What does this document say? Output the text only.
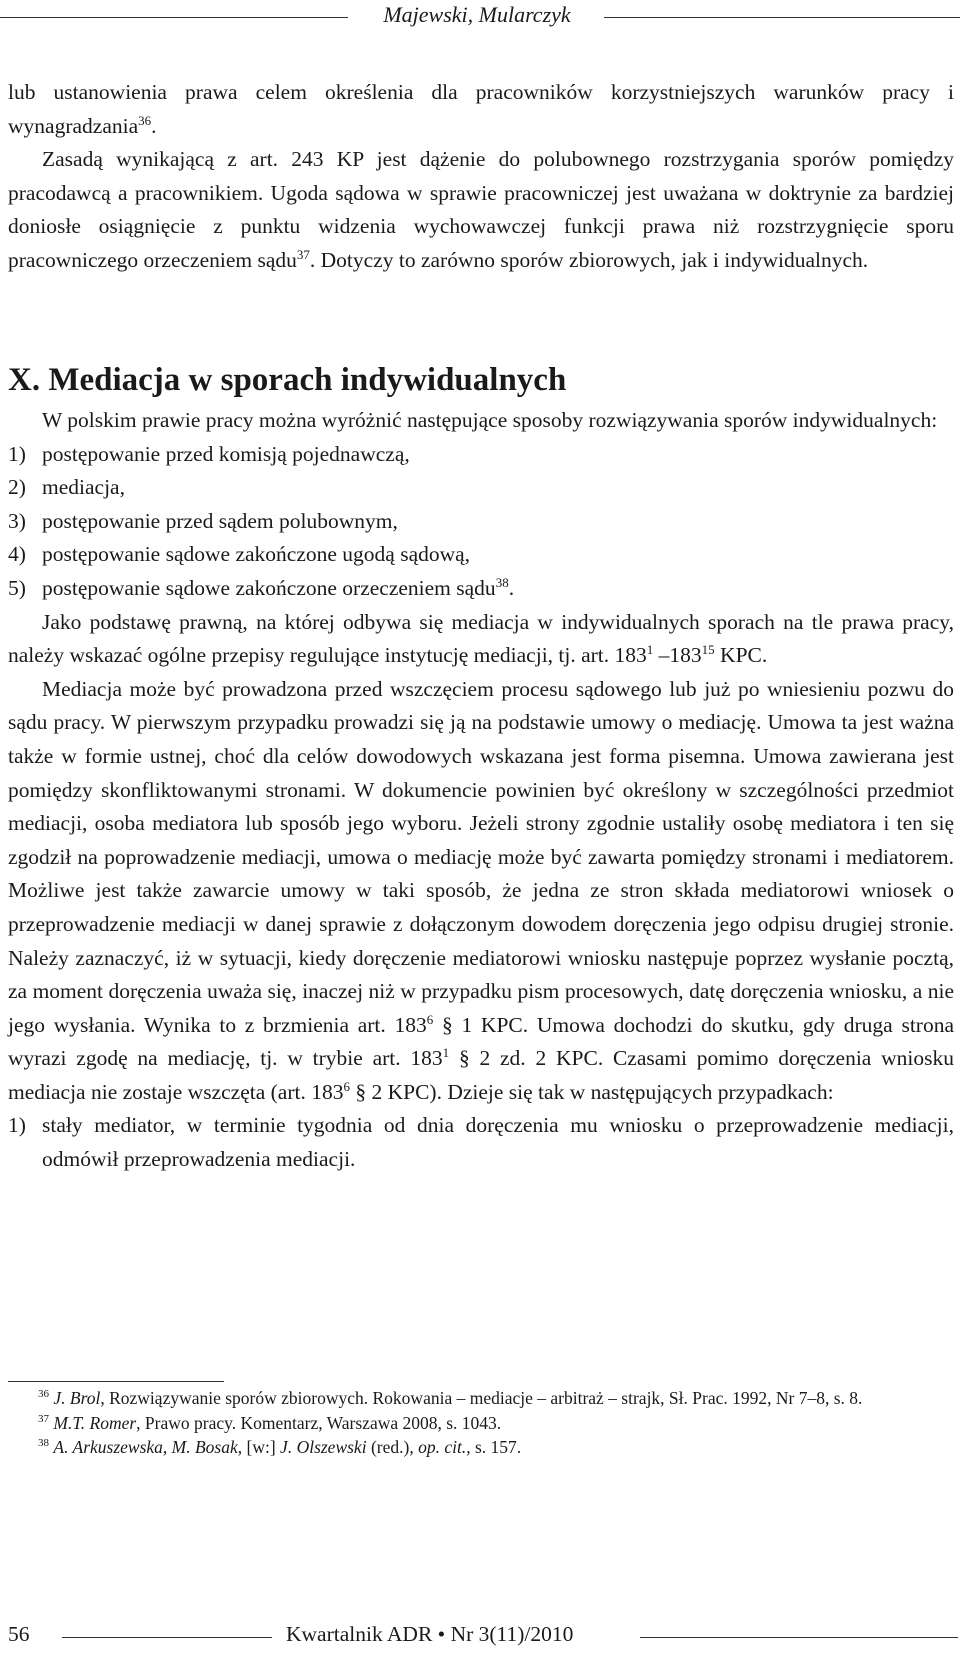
Majewski, Mularczyk

lub ustanowienia prawa celem określenia dla pracowników korzystniejszych warunków pracy i wynagradzania$^{36}$.

Zasadą wynikającą z art. 243 KP jest dążenie do polubownego rozstrzygania sporów pomiędzy pracodawcą a pracownikiem. Ugoda sądowa w sprawie pracowniczej jest uważana w doktrynie za bardziej doniosłe osiągnięcie z punktu widzenia wychowawczej funkcji prawa niż rozstrzygnięcie sporu pracowniczego orzeczeniem sądu$^{37}$. Dotyczy to zarówno sporów zbiorowych, jak i indywidualnych.

X. Mediacja w sporach indywidualnych

W polskim prawie pracy można wyróżnić następujące sposoby rozwiązywania sporów indywidualnych:

1) postępowanie przed komisją pojednawczą,

2) mediacja,

3) postępowanie przed sądem polubownym,

4) postępowanie sądowe zakończone ugodą sądową,

5) postępowanie sądowe zakończone orzeczeniem sądu$^{38}$.

Jako podstawę prawną, na której odbywa się mediacja w indywidualnych sporach na tle prawa pracy, należy wskazać ogólne przepisy regulujące instytucję mediacji, tj. art. $183^1$ $-183^{15}$ KPC.

Mediacja może być prowadzona przed wszczęciem procesu sądowego lub już po wniesieniu pozwu do sądu pracy. W pierwszym przypadku prowadzi się ją na podstawie umowy o mediację. Umowa ta jest ważna także w formie ustnej, choć dla celów dowodowych wskazana jest forma pisemna. Umowa zawierana jest pomiędzy skonfliktowanymi stronami. W dokumencie powinien być określony w szczególności przedmiot mediacji, osoba mediatora lub sposób jego wyboru. Jeżeli strony zgodnie ustaliły osobę mediatora i ten się zgodził na poprowadzenie mediacji, umowa o mediację może być zawarta pomiędzy stronami i mediatorem. Możliwe jest także zawarcie umowy w taki sposób, że jedna ze stron składa mediatorowi wniosek o przeprowadzenie mediacji w danej sprawie z dołączonym dowodem doręczenia jego odpisu drugiej stronie. Należy zaznaczyć, iż w sytuacji, kiedy doręczenie mediatorowi wniosku następuje poprzez wysłanie pocztą, za moment doręczenia uważa się, inaczej niż w przypadku pism procesowych, datę doręczenia wniosku, a nie jego wysłania. Wynika to z brzmienia art. $183^6$ § 1 KPC. Umowa dochodzi do skutku, gdy druga strona wyrazi zgodę na mediację, tj. w trybie art. $183^1$ § 2 zd. 2 KPC. Czasami pomimo doręczenia wniosku mediacja nie zostaje wszczęta (art. $183^6$ § 2 KPC). Dzieje się tak w następujących przypadkach:

1) stały mediator, w terminie tygodnia od dnia doręczenia mu wniosku o przeprowadzenie mediacji, odmówił przeprowadzenia mediacji.

$^{36}$ J. Brol, Rozwiązywanie sporów zbiorowych. Rokowania – mediacje – arbitraż – strajk, Sł. Prac. 1992, Nr 7–8, s. 8.

$^{37}$ M.T. Romer, Prawo pracy. Komentarz, Warszawa 2008, s. 1043.

$^{38}$ A. Arkuszewska, M. Bosak, [w:] J. Olszewski (red.), op. cit., s. 157.

56	Kwartalnik ADR • Nr 3(11)/2010
